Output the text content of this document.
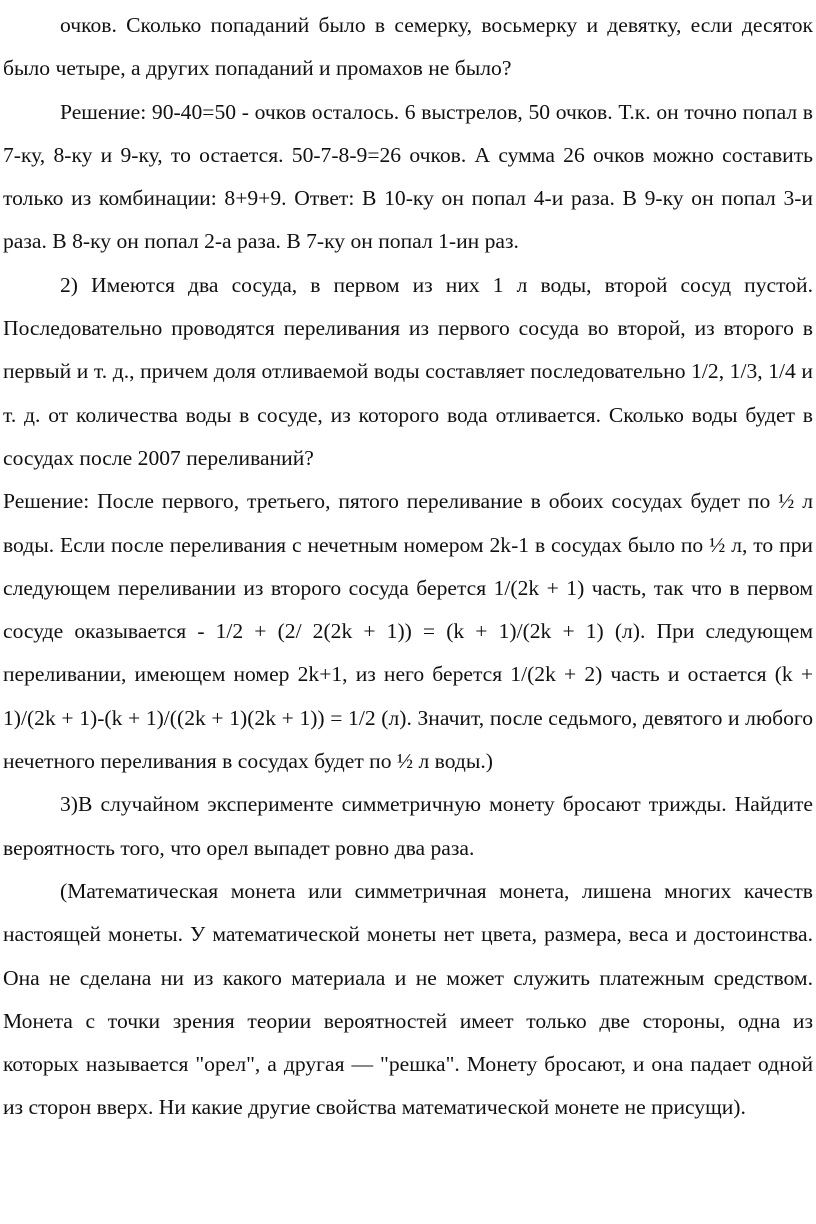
очков. Сколько попаданий было в семерку, восьмерку и девятку, если десяток было четыре, а других попаданий и промахов не было?

Решение: 90-40=50 - очков осталось. 6 выстрелов, 50 очков. Т.к. он точно попал в 7-ку, 8-ку и 9-ку, то остается. 50-7-8-9=26 очков. А сумма 26 очков можно составить только из комбинации: 8+9+9. Ответ: В 10-ку он попал 4-и раза. В 9-ку он попал 3-и раза. В 8-ку он попал 2-а раза. В 7-ку он попал 1-ин раз.

2) Имеются два сосуда, в первом из них 1 л воды, второй сосуд пустой. Последовательно проводятся переливания из первого сосуда во второй, из второго в первый и т. д., причем доля отливаемой воды составляет последовательно 1/2, 1/3, 1/4 и т. д. от количества воды в сосуде, из которого вода отливается. Сколько воды будет в сосудах после 2007 переливаний?

Решение: После первого, третьего, пятого переливание в обоих сосудах будет по ½ л воды. Если после переливания с нечетным номером 2k-1 в сосудах было по ½ л, то при следующем переливании из второго сосуда берется 1/(2k + 1) часть, так что в первом сосуде оказывается - 1/2 + (2/ 2(2k + 1)) = (k + 1)/(2k + 1) (л). При следующем переливании, имеющем номер 2k+1, из него берется 1/(2k + 2) часть и остается (k + 1)/(2k + 1)-(k + 1)/((2k + 1)(2k + 1)) = 1/2 (л). Значит, после седьмого, девятого и любого нечетного переливания в сосудах будет по ½ л воды.)

3)В случайном эксперименте симметричную монету бросают трижды. Найдите вероятность того, что орел выпадет ровно два раза.

(Математическая монета или симметричная монета, лишена многих качеств настоящей монеты. У математической монеты нет цвета, размера, веса и достоинства. Она не сделана ни из какого материала и не может служить платежным средством. Монета с точки зрения теории вероятностей имеет только две стороны, одна из которых называется "орел", а другая — "решка". Монету бросают, и она падает одной из сторон вверх. Ни какие другие свойства математической монете не присущи).
